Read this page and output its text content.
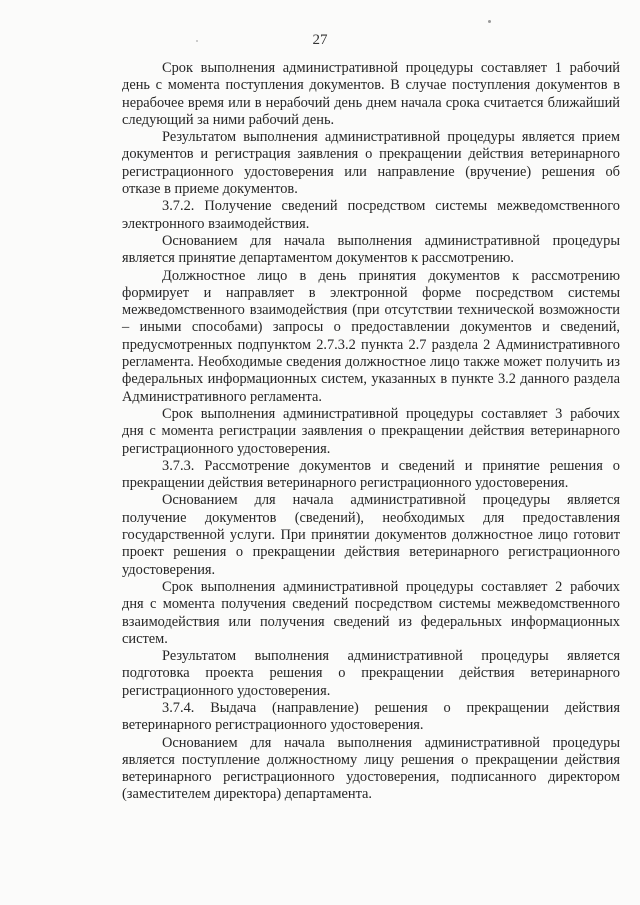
27

Срок выполнения административной процедуры составляет 1 рабочий день с момента поступления документов. В случае поступления документов в нерабочее время или в нерабочий день днем начала срока считается ближайший следующий за ними рабочий день.

Результатом выполнения административной процедуры является прием документов и регистрация заявления о прекращении действия ветеринарного регистрационного удостоверения или направление (вручение) решения об отказе в приеме документов.

3.7.2. Получение сведений посредством системы межведомственного электронного взаимодействия.

Основанием для начала выполнения административной процедуры является принятие департаментом документов к рассмотрению.

Должностное лицо в день принятия документов к рассмотрению формирует и направляет в электронной форме посредством системы межведомственного взаимодействия (при отсутствии технической возможности – иными способами) запросы о предоставлении документов и сведений, предусмотренных подпунктом 2.7.3.2 пункта 2.7 раздела 2 Административного регламента. Необходимые сведения должностное лицо также может получить из федеральных информационных систем, указанных в пункте 3.2 данного раздела Административного регламента.

Срок выполнения административной процедуры составляет 3 рабочих дня с момента регистрации заявления о прекращении действия ветеринарного регистрационного удостоверения.

3.7.3. Рассмотрение документов и сведений и принятие решения о прекращении действия ветеринарного регистрационного удостоверения.

Основанием для начала административной процедуры является получение документов (сведений), необходимых для предоставления государственной услуги. При принятии документов должностное лицо готовит проект решения о прекращении действия ветеринарного регистрационного удостоверения.

Срок выполнения административной процедуры составляет 2 рабочих дня с момента получения сведений посредством системы межведомственного взаимодействия или получения сведений из федеральных информационных систем.

Результатом выполнения административной процедуры является подготовка проекта решения о прекращении действия ветеринарного регистрационного удостоверения.

3.7.4. Выдача (направление) решения о прекращении действия ветеринарного регистрационного удостоверения.

Основанием для начала выполнения административной процедуры является поступление должностному лицу решения о прекращении действия ветеринарного регистрационного удостоверения, подписанного директором (заместителем директора) департамента.
